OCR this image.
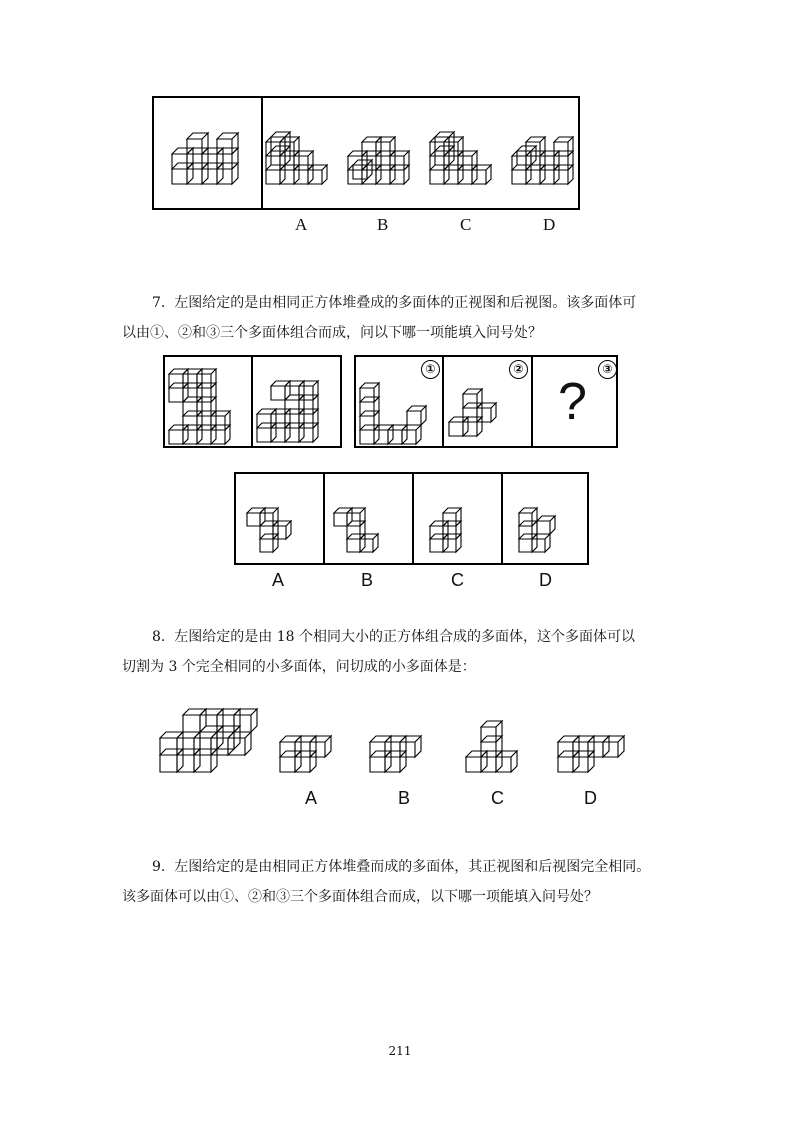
A	B	C	D
7. 左图给定的是由相同正方体堆叠成的多面体的正视图和后视图。该多面体可
以由①、②和③三个多面体组合而成，问以下哪一项能填入问号处？
①	②	③
?
A	B	C	D
8. 左图给定的是由 18 个相同大小的正方体组合成的多面体，这个多面体可以
切割为 3 个完全相同的小多面体，问切成的小多面体是：
A	B	C	D
9. 左图给定的是由相同正方体堆叠而成的多面体，其正视图和后视图完全相同。
该多面体可以由①、②和③三个多面体组合而成，以下哪一项能填入问号处？
211
